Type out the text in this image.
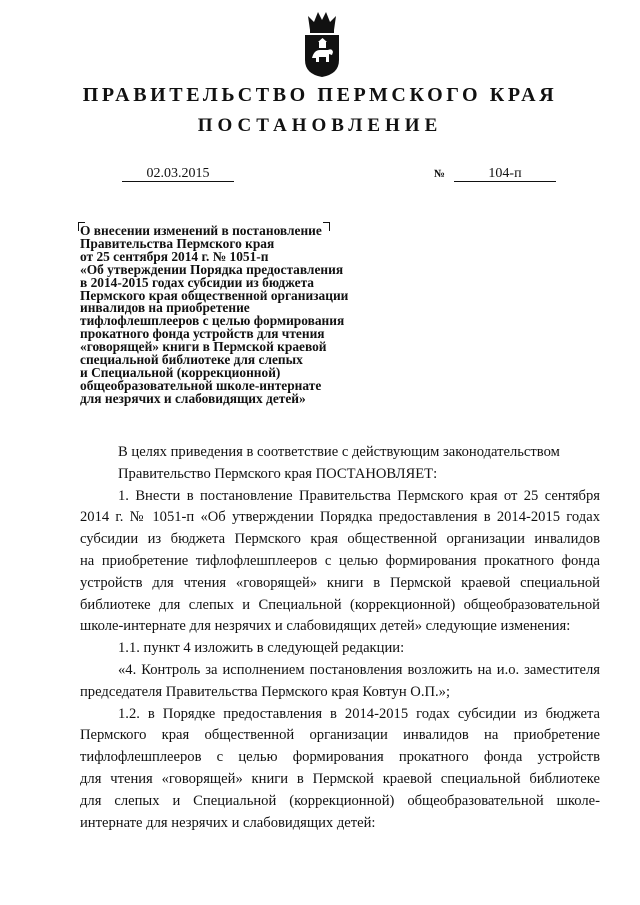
ПРАВИТЕЛЬСТВО ПЕРМСКОГО КРАЯ
ПОСТАНОВЛЕНИЕ
02.03.2015	№	104-п
О внесении изменений в постановление
Правительства Пермского края
от 25 сентября 2014 г. № 1051-п
«Об утверждении Порядка предоставления
в 2014-2015 годах субсидии из бюджета
Пермского края общественной организации
инвалидов на приобретение
тифлофлешплееров с целью формирования
прокатного фонда устройств для чтения
«говорящей» книги в Пермской краевой
специальной библиотеке для слепых
и Специальной (коррекционной)
общеобразовательной школе-интернате
для незрячих и слабовидящих детей»
В целях приведения в соответствие с действующим законодательством
Правительство Пермского края ПОСТАНОВЛЯЕТ:
1. Внести в постановление Правительства Пермского края от 25 сентября
2014 г. № 1051-п «Об утверждении Порядка предоставления в 2014-2015 годах
субсидии из бюджета Пермского края общественной организации инвалидов
на приобретение тифлофлешплееров с целью формирования прокатного фонда
устройств для чтения «говорящей» книги в Пермской краевой специальной
библиотеке для слепых и Специальной (коррекционной) общеобразовательной
школе-интернате для незрячих и слабовидящих детей» следующие изменения:
1.1. пункт 4 изложить в следующей редакции:
«4. Контроль за исполнением постановления возложить на и.о. заместителя
председателя Правительства Пермского края Ковтун О.П.»;
1.2. в Порядке предоставления в 2014-2015 годах субсидии из бюджета
Пермского края общественной организации инвалидов на приобретение
тифлофлешплееров с целью формирования прокатного фонда устройств
для чтения «говорящей» книги в Пермской краевой специальной библиотеке
для слепых и Специальной (коррекционной) общеобразовательной школе-
интернате для незрячих и слабовидящих детей:
